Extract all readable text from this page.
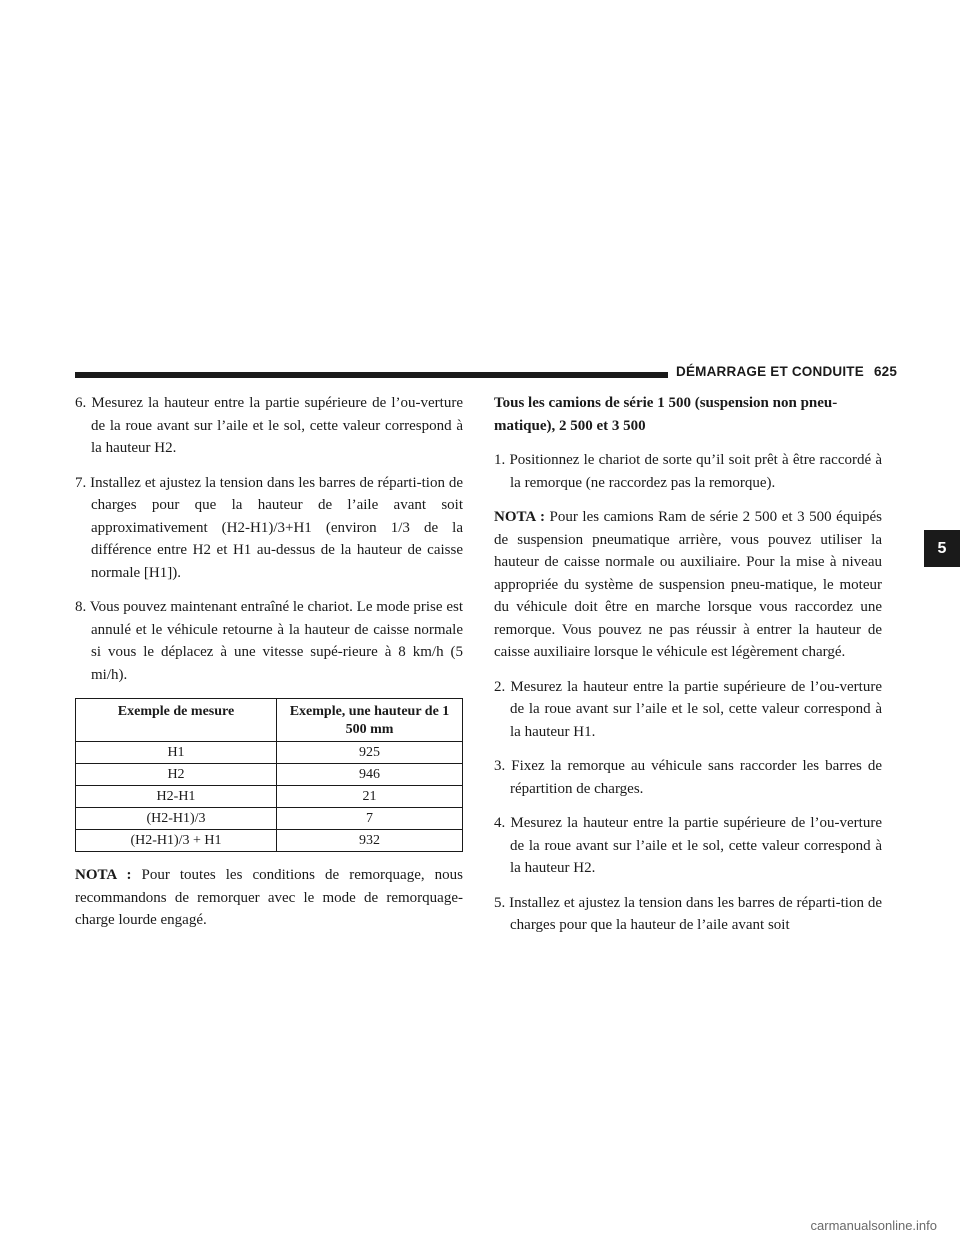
DÉMARRAGE ET CONDUITE 625
5
6. Mesurez la hauteur entre la partie supérieure de l’ou-verture de la roue avant sur l’aile et le sol, cette valeur correspond à la hauteur H2.
7. Installez et ajustez la tension dans les barres de réparti-tion de charges pour que la hauteur de l’aile avant soit approximativement (H2-H1)/3+H1 (environ 1/3 de la différence entre H2 et H1 au-dessus de la hauteur de caisse normale [H1]).
8. Vous pouvez maintenant entraîné le chariot. Le mode prise est annulé et le véhicule retourne à la hauteur de caisse normale si vous le déplacez à une vitesse supé-rieure à 8 km/h (5 mi/h).
Exemple de mesure	Exemple, une hauteur de 1 500 mm
H1	925
H2	946
H2-H1	21
(H2-H1)/3	7
(H2-H1)/3 + H1	932
NOTA : Pour toutes les conditions de remorquage, nous recommandons de remorquer avec le mode de remorquage-charge lourde engagé.
Tous les camions de série 1 500 (suspension non pneu-matique), 2 500 et 3 500
1. Positionnez le chariot de sorte qu’il soit prêt à être raccordé à la remorque (ne raccordez pas la remorque).
NOTA : Pour les camions Ram de série 2 500 et 3 500 équipés de suspension pneumatique arrière, vous pouvez utiliser la hauteur de caisse normale ou auxiliaire. Pour la mise à niveau appropriée du système de suspension pneu-matique, le moteur du véhicule doit être en marche lorsque vous raccordez une remorque. Vous pouvez ne pas réussir à entrer la hauteur de caisse auxiliaire lorsque le véhicule est légèrement chargé.
2. Mesurez la hauteur entre la partie supérieure de l’ou-verture de la roue avant sur l’aile et le sol, cette valeur correspond à la hauteur H1.
3. Fixez la remorque au véhicule sans raccorder les barres de répartition de charges.
4. Mesurez la hauteur entre la partie supérieure de l’ou-verture de la roue avant sur l’aile et le sol, cette valeur correspond à la hauteur H2.
5. Installez et ajustez la tension dans les barres de réparti-tion de charges pour que la hauteur de l’aile avant soit
carmanualsonline.info
